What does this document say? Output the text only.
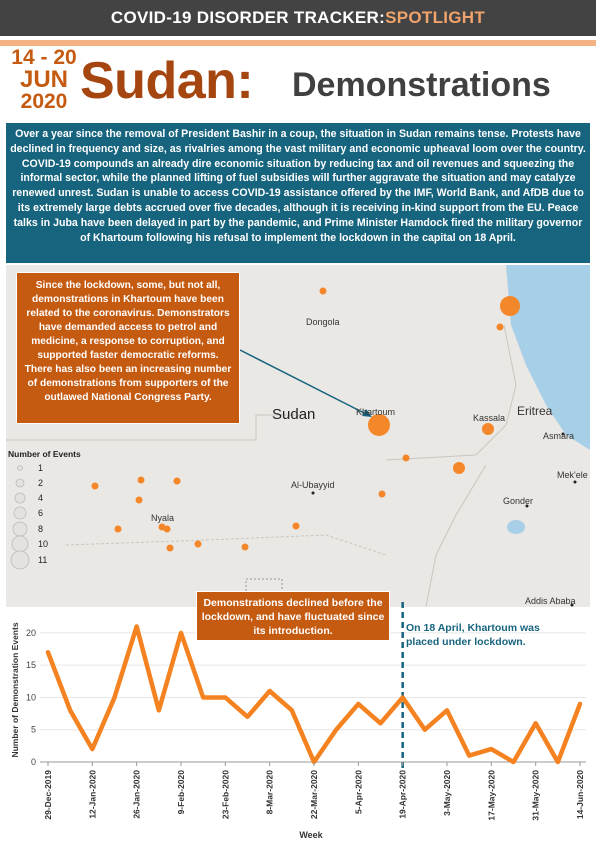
COVID-19 DISORDER TRACKER: SPOTLIGHT
14 - 20
JUN
2020 Sudan: Demonstrations
Over a year since the removal of President Bashir in a coup, the situation in Sudan remains tense. Protests have declined in frequency and size, as rivalries among the vast military and economic upheaval loom over the country. COVID-19 compounds an already dire economic situation by reducing tax and oil revenues and squeezing the informal sector, while the planned lifting of fuel subsidies will further aggravate the situation and may catalyze renewed unrest. Sudan is unable to access COVID-19 assistance offered by the IMF, World Bank, and AfDB due to its extremely large debts accrued over five decades, although it is receiving in-kind support from the EU. Peace talks in Juba have been delayed in part by the pandemic, and Prime Minister Hamdock fired the military governor of Khartoum following his refusal to implement the lockdown in the capital on 18 April.
Dongola
Khartoum
Kassala Eritrea
Asmara
Al-Ubayyid
Mek'ele
Gonder
Nyala
Addis Ababa
Sudan
Since the lockdown, some, but not all, demonstrations in Khartoum have been related to the coronavirus. Demonstrators have demanded access to petrol and medicine, a response to corruption, and supported faster democratic reforms. There has also been an increasing number of demonstrations from supporters of the outlawed National Congress Party.
Number of Events
1
2
4
6
8
10
11
0
5
10
15
20
29-Dec-2019	12-Jan-2020	26-Jan-2020	9-Feb-2020	23-Feb-2020	8-Mar-2020	22-Mar-2020	5-Apr-2020	19-Apr-2020	3-May-2020	17-May-2020	31-May-2020	14-Jun-2020
Number of Demonstration Events
Week
Demonstrations declined before the lockdown, and have fluctuated since its introduction.	On 18 April, Khartoum was placed under lockdown.
